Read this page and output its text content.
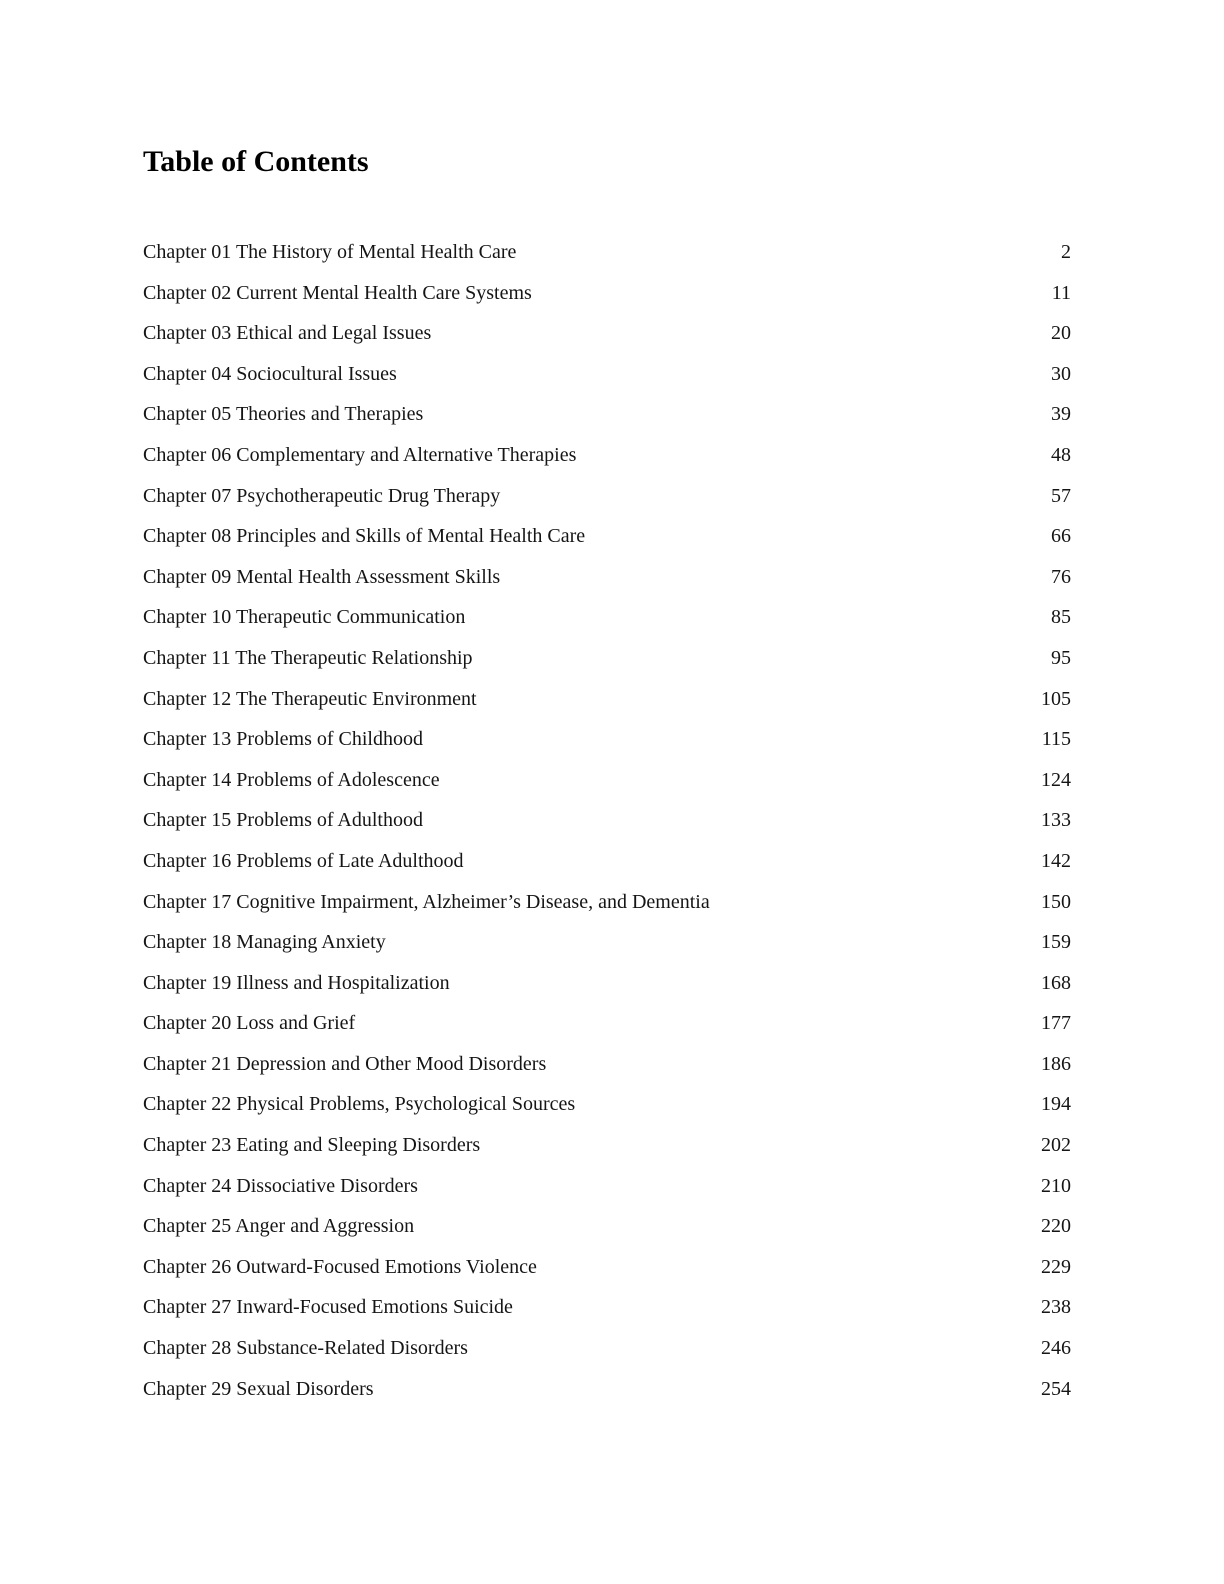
Table of Contents
Chapter 01 The History of Mental Health Care	2
Chapter 02 Current Mental Health Care Systems	11
Chapter 03 Ethical and Legal Issues	20
Chapter 04 Sociocultural Issues	30
Chapter 05 Theories and Therapies	39
Chapter 06 Complementary and Alternative Therapies	48
Chapter 07 Psychotherapeutic Drug Therapy	57
Chapter 08 Principles and Skills of Mental Health Care	66
Chapter 09 Mental Health Assessment Skills	76
Chapter 10 Therapeutic Communication	85
Chapter 11 The Therapeutic Relationship	95
Chapter 12 The Therapeutic Environment	105
Chapter 13 Problems of Childhood	115
Chapter 14 Problems of Adolescence	124
Chapter 15 Problems of Adulthood	133
Chapter 16 Problems of Late Adulthood	142
Chapter 17 Cognitive Impairment, Alzheimer’s Disease, and Dementia	150
Chapter 18 Managing Anxiety	159
Chapter 19 Illness and Hospitalization	168
Chapter 20 Loss and Grief	177
Chapter 21 Depression and Other Mood Disorders	186
Chapter 22 Physical Problems, Psychological Sources	194
Chapter 23 Eating and Sleeping Disorders	202
Chapter 24 Dissociative Disorders	210
Chapter 25 Anger and Aggression	220
Chapter 26 Outward-Focused Emotions Violence	229
Chapter 27 Inward-Focused Emotions Suicide	238
Chapter 28 Substance-Related Disorders	246
Chapter 29 Sexual Disorders	254
